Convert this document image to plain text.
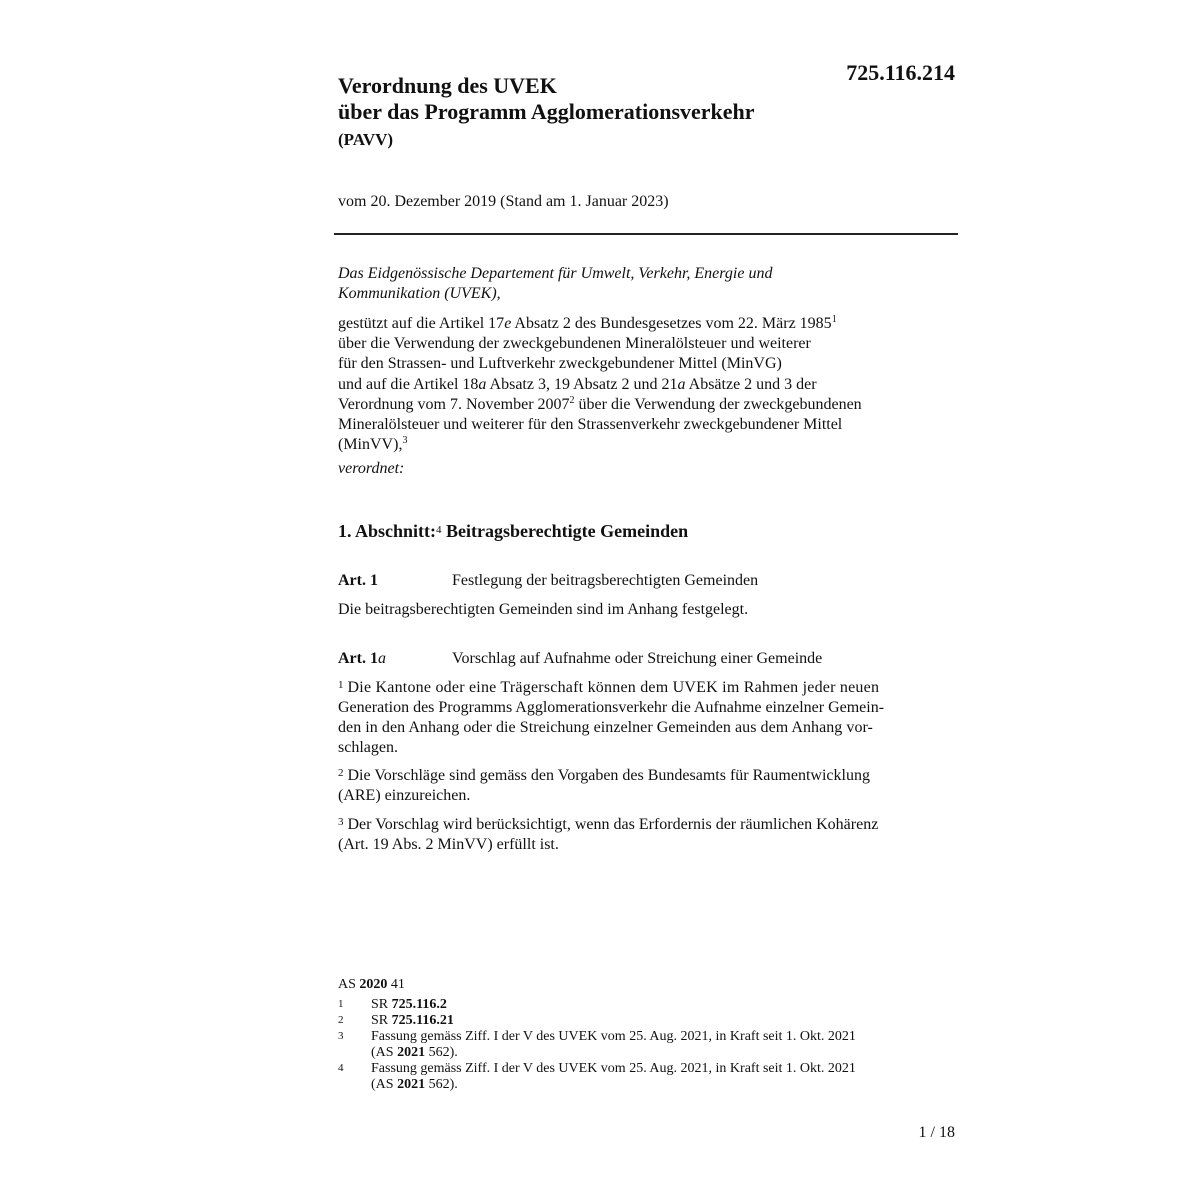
725.116.214
Verordnung des UVEK
über das Programm Agglomerationsverkehr
(PAVV)
vom 20. Dezember 2019 (Stand am 1. Januar 2023)
Das Eidgenössische Departement für Umwelt, Verkehr, Energie und
Kommunikation (UVEK),
gestützt auf die Artikel 17e Absatz 2 des Bundesgesetzes vom 22. März 1985$^1$
über die Verwendung der zweckgebundenen Mineralölsteuer und weiterer
für den Strassen- und Luftverkehr zweckgebundener Mittel (MinVG)
und auf die Artikel 18a Absatz 3, 19 Absatz 2 und 21a Absätze 2 und 3 der
Verordnung vom 7. November 2007$^2$ über die Verwendung der zweckgebundenen
Mineralölsteuer und weiterer für den Strassenverkehr zweckgebundener Mittel
(MinVV),$^3$
verordnet:
1. Abschnitt:$^4$ Beitragsberechtigte Gemeinden
Art. 1	Festlegung der beitragsberechtigten Gemeinden
Die beitragsberechtigten Gemeinden sind im Anhang festgelegt.
Art. 1a	Vorschlag auf Aufnahme oder Streichung einer Gemeinde
$^1$ Die Kantone oder eine Trägerschaft können dem UVEK im Rahmen jeder neuen
Generation des Programms Agglomerationsverkehr die Aufnahme einzelner Gemein-
den in den Anhang oder die Streichung einzelner Gemeinden aus dem Anhang vor-
schlagen.
$^2$ Die Vorschläge sind gemäss den Vorgaben des Bundesamts für Raumentwicklung
(ARE) einzureichen.
$^3$ Der Vorschlag wird berücksichtigt, wenn das Erfordernis der räumlichen Kohärenz
(Art. 19 Abs. 2 MinVV) erfüllt ist.
AS 2020 41
1	SR 725.116.2
2	SR 725.116.21
3	Fassung gemäss Ziff. I der V des UVEK vom 25. Aug. 2021, in Kraft seit 1. Okt. 2021
(AS 2021 562).
4	Fassung gemäss Ziff. I der V des UVEK vom 25. Aug. 2021, in Kraft seit 1. Okt. 2021
(AS 2021 562).
1 / 18
